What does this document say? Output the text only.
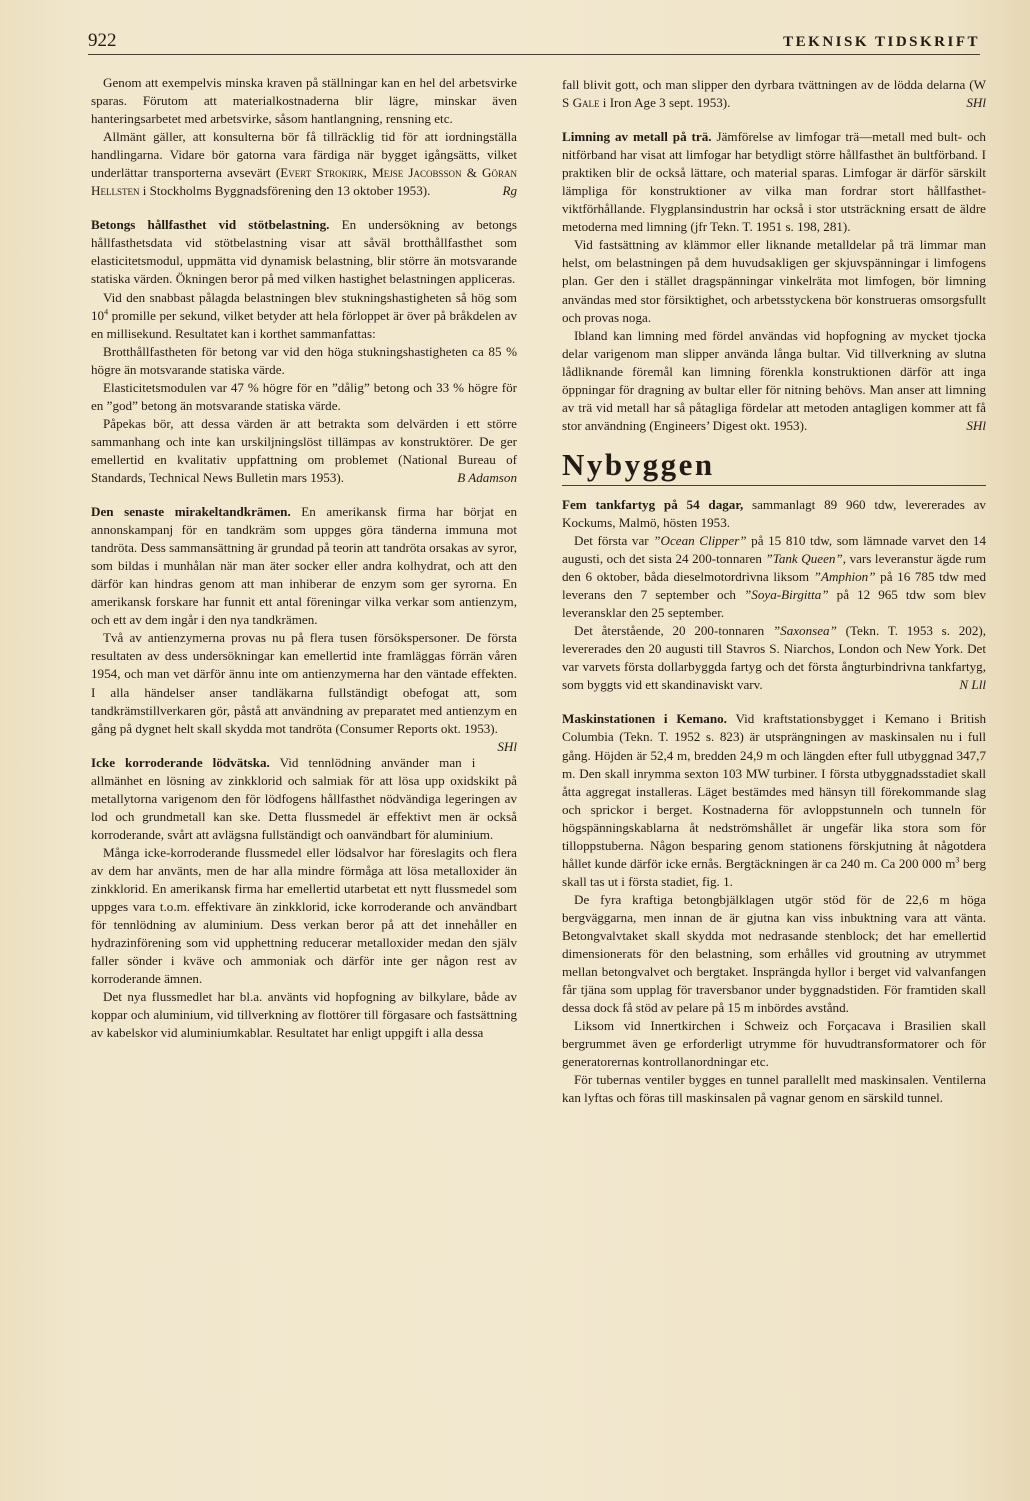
922	TEKNISK TIDSKRIFT

Genom att exempelvis minska kraven på ställningar kan en hel del arbetsvirke sparas. Förutom att materialkostnaderna blir lägre, minskar även hanteringsarbetet med arbetsvirke, såsom hantlangning, rensning etc.

Allmänt gäller, att konsulterna bör få tillräcklig tid för att iordningställa handlingarna. Vidare bör gatorna vara färdiga när bygget igångsätts, vilket underlättar transporterna avsevärt (Evert Strokirk, Mejse Jacobsson & Göran Hellsten i Stockholms Byggnadsförening den 13 oktober 1953).	Rg

Betongs hållfasthet vid stötbelastning. En undersökning av betongs hållfasthetsdata vid stötbelastning visar att såväl brotthållfasthet som elasticitetsmodul, uppmätta vid dynamisk belastning, blir större än motsvarande statiska värden. Ökningen beror på med vilken hastighet belastningen appliceras.

Vid den snabbast pålagda belastningen blev stukningshastigheten så hög som $10^4$ promille per sekund, vilket betyder att hela förloppet är över på bråkdelen av en millisekund. Resultatet kan i korthet sammanfattas:

Brotthållfastheten för betong var vid den höga stukningshastigheten ca 85 % högre än motsvarande statiska värde.

Elasticitetsmodulen var 47 % högre för en ”dålig” betong och 33 % högre för en ”god” betong än motsvarande statiska värde.

Påpekas bör, att dessa värden är att betrakta som delvärden i ett större sammanhang och inte kan urskiljningslöst tillämpas av konstruktörer. De ger emellertid en kvalitativ uppfattning om problemet (National Bureau of Standards, Technical News Bulletin mars 1953).	B Adamson

Den senaste mirakeltandkrämen. En amerikansk firma har börjat en annonskampanj för en tandkräm som uppges göra tänderna immuna mot tandröta. Dess sammansättning är grundad på teorin att tandröta orsakas av syror, som bildas i munhålan när man äter socker eller andra kolhydrat, och att den därför kan hindras genom att man inhiberar de enzym som ger syrorna. En amerikansk forskare har funnit ett antal föreningar vilka verkar som antienzym, och ett av dem ingår i den nya tandkrämen.

Två av antienzymerna provas nu på flera tusen försökspersoner. De första resultaten av dess undersökningar kan emellertid inte framläggas förrän våren 1954, och man vet därför ännu inte om antienzymerna har den väntade effekten. I alla händelser anser tandläkarna fullständigt obefogat att, som tandkrämstillverkaren gör, påstå att användning av preparatet med antienzym en gång på dygnet helt skall skydda mot tandröta (Consumer Reports okt. 1953).
SHl

Icke korroderande lödvätska. Vid tennlödning använder man i allmänhet en lösning av zinkklorid och salmiak för att lösa upp oxidskikt på metallytorna varigenom den för lödfogens hållfasthet nödvändiga legeringen av lod och grundmetall kan ske. Detta flussmedel är effektivt men är också korroderande, svårt att avlägsna fullständigt och oanvändbart för aluminium.

Många icke-korroderande flussmedel eller lödsalvor har föreslagits och flera av dem har använts, men de har alla mindre förmåga att lösa metalloxider än zinkklorid. En amerikansk firma har emellertid utarbetat ett nytt flussmedel som uppges vara t.o.m. effektivare än zinkklorid, icke korroderande och användbart för tennlödning av aluminium. Dess verkan beror på att det innehåller en hydrazinförening som vid upphettning reducerar metalloxider medan den själv faller sönder i kväve och ammoniak och därför inte ger någon rest av korroderande ämnen.

Det nya flussmedlet har bl.a. använts vid hopfogning av bilkylare, både av koppar och aluminium, vid tillverkning av flottörer till förgasare och fastsättning av kabelskor vid aluminiumkablar. Resultatet har enligt uppgift i alla dessa

fall blivit gott, och man slipper den dyrbara tvättningen av de lödda delarna (W S Gale i Iron Age 3 sept. 1953).	SHl

Limning av metall på trä. Jämförelse av limfogar trä—metall med bult- och nitförband har visat att limfogar har betydligt större hållfasthet än bultförband. I praktiken blir de också lättare, och material sparas. Limfogar är därför särskilt lämpliga för konstruktioner av vilka man fordrar stort hållfasthet-viktförhållande. Flygplansindustrin har också i stor utsträckning ersatt de äldre metoderna med limning (jfr Tekn. T. 1951 s. 198, 281).

Vid fastsättning av klämmor eller liknande metalldelar på trä limmar man helst, om belastningen på dem huvudsakligen ger skjuvspänningar i limfogens plan. Ger den i stället dragspänningar vinkelräta mot limfogen, bör limning användas med stor försiktighet, och arbetsstyckena bör konstrueras omsorgsfullt och provas noga.

Ibland kan limning med fördel användas vid hopfogning av mycket tjocka delar varigenom man slipper använda långa bultar. Vid tillverkning av slutna lådliknande föremål kan limning förenkla konstruktionen därför att inga öppningar för dragning av bultar eller för nitning behövs. Man anser att limning av trä vid metall har så påtagliga fördelar att metoden antagligen kommer att få stor användning (Engineers’ Digest okt. 1953).	SHl

Nybyggen

Fem tankfartyg på 54 dagar, sammanlagt 89 960 tdw, levererades av Kockums, Malmö, hösten 1953.

Det första var ”Ocean Clipper” på 15 810 tdw, som lämnade varvet den 14 augusti, och det sista 24 200-tonnaren ”Tank Queen”, vars leveranstur ägde rum den 6 oktober, båda dieselmotordrivna liksom ”Amphion” på 16 785 tdw med leverans den 7 september och ”Soya-Birgitta” på 12 965 tdw som blev leveransklar den 25 september.

Det återstående, 20 200-tonnaren ”Saxonsea” (Tekn. T. 1953 s. 202), levererades den 20 augusti till Stavros S. Niarchos, London och New York. Det var varvets första dollarbyggda fartyg och det första ångturbindrivna tankfartyg, som byggts vid ett skandinaviskt varv.	N Lll

Maskinstationen i Kemano. Vid kraftstationsbygget i Kemano i British Columbia (Tekn. T. 1952 s. 823) är utsprängningen av maskinsalen nu i full gång. Höjden är 52,4 m, bredden 24,9 m och längden efter full utbyggnad 347,7 m. Den skall inrymma sexton 103 MW turbiner. I första utbyggnadsstadiet skall åtta aggregat installeras. Läget bestämdes med hänsyn till förekommande slag och sprickor i berget. Kostnaderna för avloppstunneln och tunneln för högspänningskablarna åt nedströmshållet är ungefär lika stora som för tilloppstuberna. Någon besparing genom stationens förskjutning åt någotdera hållet kunde därför icke ernås. Bergtäckningen är ca 240 m. Ca 200 000 $m^3$ berg skall tas ut i första stadiet, fig. 1.

De fyra kraftiga betongbjälklagen utgör stöd för de 22,6 m höga bergväggarna, men innan de är gjutna kan viss inbuktning vara att vänta. Betongvalvtaket skall skydda mot nedrasande stenblock; det har emellertid dimensionerats för den belastning, som erhålles vid groutning av utrymmet mellan betongvalvet och bergtaket. Insprängda hyllor i berget vid valvanfangen får tjäna som upplag för traversbanor under byggnadstiden. För framtiden skall dessa dock få stöd av pelare på 15 m inbördes avstånd.

Liksom vid Innertkirchen i Schweiz och Forçacava i Brasilien skall bergrummet även ge erforderligt utrymme för huvudtransformatorer och för generatorernas kontrollanordningar etc.

För tubernas ventiler bygges en tunnel parallellt med maskinsalen. Ventilerna kan lyftas och föras till maskinsalen på vagnar genom en särskild tunnel.
